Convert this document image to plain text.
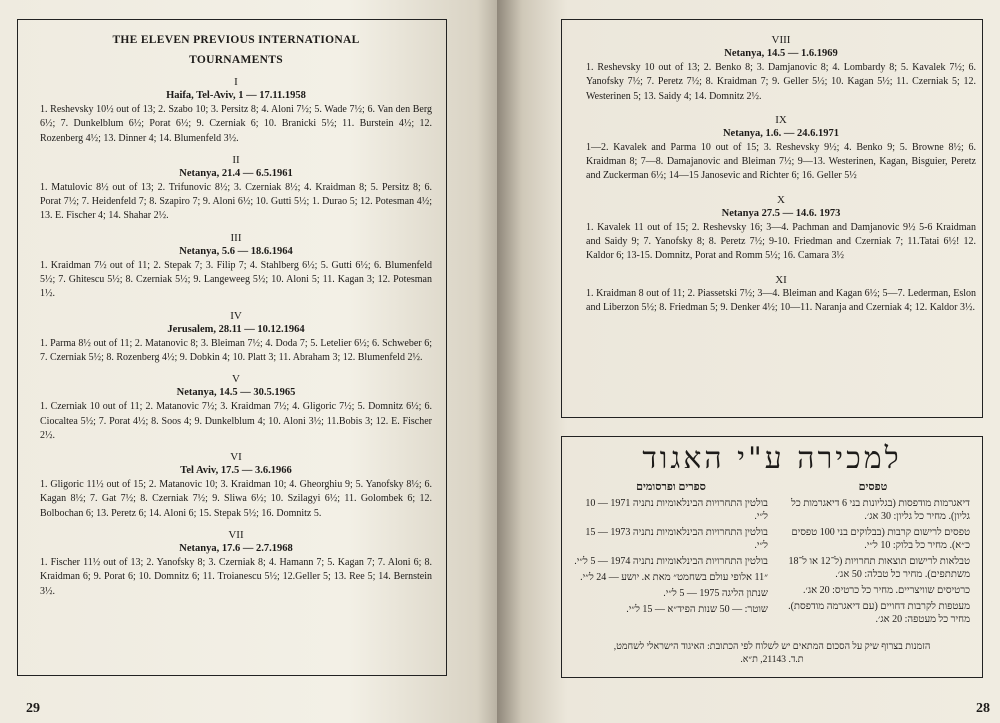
THE ELEVEN PREVIOUS INTERNATIONAL
TOURNAMENTS
I
Haifa, Tel-Aviv, 1 — 17.11.1958
1. Reshevsky 10½ out of 13; 2. Szabo 10; 3. Persitz 8; 4. Aloni 7½; 5. Wade 7½; 6. Van den Berg 6½; 7. Dunkelblum 6½; Porat 6½; 9. Czerniak 6; 10. Branicki 5½; 11. Burstein 4½; 12. Rozenberg 4½; 13. Dinner 4; 14. Blumenfeld 3½.
II
Netanya, 21.4 — 6.5.1961
1. Matulovic 8½ out of 13; 2. Trifunovic 8½; 3. Czerniak 8½; 4. Kraidman 8; 5. Persitz 8; 6. Porat 7½; 7. Heidenfeld 7; 8. Szapiro 7; 9. Aloni 6½; 10. Gutti 5½; 1. Durao 5; 12. Potesman 4½; 13. E. Fischer 4; 14. Shahar 2½.
III
Netanya, 5.6 — 18.6.1964
1. Kraidman 7½ out of 11; 2. Stepak 7; 3. Filip 7; 4. Stahlberg 6½; 5. Gutti 6½; 6. Blumenfeld 5½; 7. Ghitescu 5½; 8. Czerniak 5½; 9. Langeweeg 5½; 10. Aloni 5; 11. Kagan 3; 12. Potesman 1½.
IV
Jerusalem, 28.11 — 10.12.1964
1. Parma 8½ out of 11; 2. Matanovic 8; 3. Bleiman 7½; 4. Doda 7; 5. Letelier 6½; 6. Schweber 6; 7. Czerniak 5½; 8. Rozenberg 4½; 9. Dobkin 4; 10. Platt 3; 11. Abraham 3; 12. Blumenfeld 2½.
V
Netanya, 14.5 — 30.5.1965
1. Czerniak 10 out of 11; 2. Matanovic 7½; 3. Kraidman 7½; 4. Gligoric 7½; 5. Domnitz 6½; 6. Ciocaltea 5½; 7. Porat 4½; 8. Soos 4; 9. Dunkelblum 4; 10. Aloni 3½; 11.Bobis 3; 12. E. Fischer 2½.
VI
Tel Aviv, 17.5 — 3.6.1966
1. Gligoric 11½ out of 15; 2. Matanovic 10; 3. Kraidman 10; 4. Gheorghiu 9; 5. Yanofsky 8½; 6. Kagan 8½; 7. Gat 7½; 8. Czerniak 7½; 9. Sliwa 6½; 10. Szilagyi 6½; 11. Golombek 6; 12. Bolbochan 6; 13. Peretz 6; 14. Aloni 6; 15. Stepak 5½; 16. Domnitz 5.
VII
Netanya, 17.6 — 2.7.1968
1. Fischer 11½ out of 13; 2. Yanofsky 8; 3. Czerniak 8; 4. Hamann 7; 5. Kagan 7; 7. Aloni 6; 8. Kraidman 6; 9. Porat 6; 10. Domnitz 6; 11. Troianescu 5½; 12.Geller 5; 13. Ree 5; 14. Bernstein 3½.
29
VIII
Netanya, 14.5 — 1.6.1969
1. Reshevsky 10 out of 13; 2. Benko 8; 3. Damjanovic 8; 4. Lombardy 8; 5. Kavalek 7½; 6. Yanofsky 7½; 7. Peretz 7½; 8. Kraidman 7; 9. Geller 5½; 10. Kagan 5½; 11. Czerniak 5; 12. Westerinen 5; 13. Saidy 4; 14. Domnitz 2½.
IX
Netanya, 1.6. — 24.6.1971
1—2. Kavalek and Parma 10 out of 15; 3. Reshevsky 9½; 4. Benko 9; 5. Browne 8½; 6. Kraidman 8; 7—8. Damajanovic and Bleiman 7½; 9—13. Westerinen, Kagan, Bisguier, Peretz and Zuckerman 6½; 14—15 Janosevic and Richter 6; 16. Geller 5½
X
Netanya 27.5 — 14.6. 1973
1. Kavalek 11 out of 15; 2. Reshevsky 16; 3—4. Pachman and Damjanovic 9½ 5-6 Kraidman and Saidy 9; 7. Yanofsky 8; 8. Peretz 7½; 9-10. Friedman and Czerniak 7; 11.Tatai 6½! 12. Kaldor 6; 13-15. Domnitz, Porat and Romm 5½; 16. Camara 3½
XI
1. Kraidman 8 out of 11; 2. Piassetski 7½; 3—4. Bleiman and Kagan 6½; 5—7. Lederman, Eslon and Liberzon 5½; 8. Friedman 5; 9. Denker 4½; 10—11. Naranja and Czerniak 4; 12. Kaldor 3½.
למכירה ע"י האגוד
ספרים ופרסומים
בולטין התחרויות הבינלאומיות נתניה 1971 — 10 ל״י.
בולטין התחרויות הבינלאומיות נתניה 1973 — 15 ל״י.
בולטין התחרויות הבינלאומיות נתניה 1974 — 5 ל״י.
״11 אלופי עולם בשחמט״ מאת א. יושע — 24 ל״י.
שנתון הליגה 1975 — 5 ל״י.
שוטר: — 50 שנות הפיד״א — 15 ל״י.
טפסים
דיאגרמות מודפסות (בגליונות בני 6 דיאגרמות כל גליון). מחיר כל גליון: 30 אג׳.
טפסים לרישום קרבות (בבלוקים בני 100 טפסים כ״א). מחיר כל בלוק: 10 ל״י.
טבלאות לרישום תוצאות תחרויות (ל־12 או ל־18 משתתפים). מחיר כל טבלה: 50 אג׳.
כרטיסים שוויצריים. מחיר כל כרטיס: 20 אג׳.
מעטפות לקרבות דחויים (עם דיאגרמה מודפסת). מחיר כל מעטפה: 20 אג׳.
הזמנות בצרוף שיק על הסכום המתאים יש לשלוח לפי הכתובת: האיגוד הישראלי לשחמט,
ת.ד. 21143, ת״א.
28
